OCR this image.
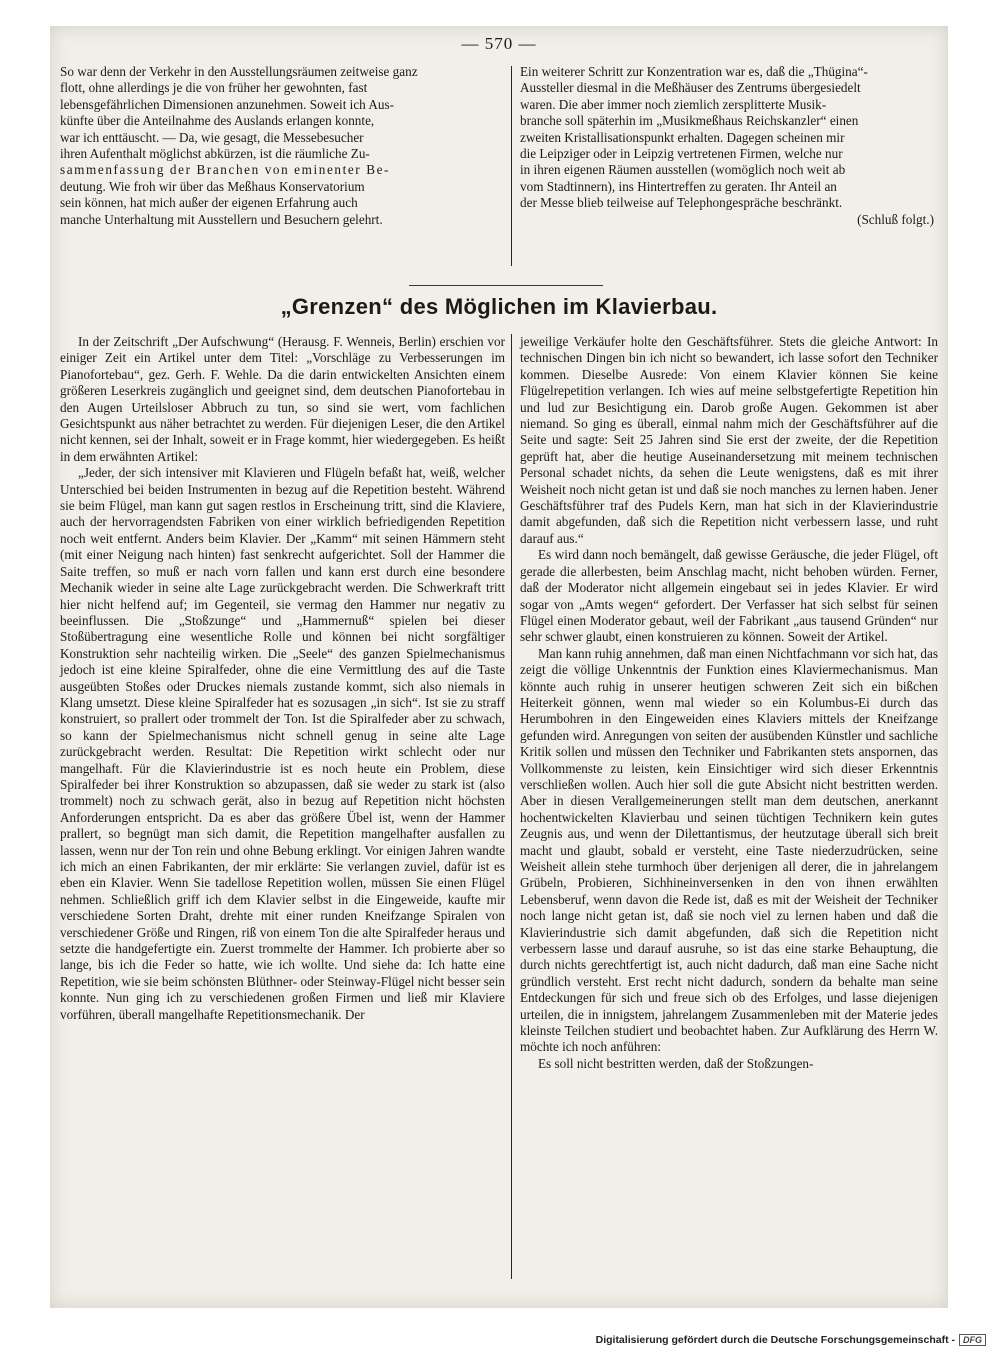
— 570 —

So war denn der Verkehr in den Ausstellungsräumen zeitweise ganz

flott, ohne allerdings je die von früher her gewohnten, fast

lebensgefährlichen Dimensionen anzunehmen. Soweit ich Aus-

künfte über die Anteilnahme des Auslands erlangen konnte,

war ich enttäuscht. — Da, wie gesagt, die Messebesucher

ihren Aufenthalt möglichst abkürzen, ist die räumliche Zu-

sammenfassung der Branchen von eminenter Be-

deutung. Wie froh wir über das Meßhaus Konservatorium

sein können, hat mich außer der eigenen Erfahrung auch

manche Unterhaltung mit Ausstellern und Besuchern gelehrt.

Ein weiterer Schritt zur Konzentration war es, daß die „Thügina“-

Aussteller diesmal in die Meßhäuser des Zentrums übergesiedelt

waren. Die aber immer noch ziemlich zersplitterte Musik-

branche soll späterhin im „Musikmeßhaus Reichskanzler“ einen

zweiten Kristallisationspunkt erhalten. Dagegen scheinen mir

die Leipziger oder in Leipzig vertretenen Firmen, welche nur

in ihren eigenen Räumen ausstellen (womöglich noch weit ab

vom Stadtinnern), ins Hintertreffen zu geraten. Ihr Anteil an

der Messe blieb teilweise auf Telephongespräche beschränkt.

(Schluß folgt.)

„Grenzen“ des Möglichen im Klavierbau.

In der Zeitschrift „Der Aufschwung“ (Herausg. F. Wenneis, Berlin) erschien vor einiger Zeit ein Artikel unter dem Titel: „Vorschläge zu Verbesserungen im Pianofortebau“, gez. Gerh. F. Wehle. Da die darin entwickelten Ansichten einem größeren Leserkreis zugänglich und geeignet sind, dem deutschen Pianofortebau in den Augen Urteilsloser Abbruch zu tun, so sind sie wert, vom fachlichen Gesichtspunkt aus näher betrachtet zu werden. Für diejenigen Leser, die den Artikel nicht kennen, sei der Inhalt, soweit er in Frage kommt, hier wiedergegeben. Es heißt in dem erwähnten Artikel:

„Jeder, der sich intensiver mit Klavieren und Flügeln befaßt hat, weiß, welcher Unterschied bei beiden Instrumenten in bezug auf die Repetition besteht. Während sie beim Flügel, man kann gut sagen restlos in Erscheinung tritt, sind die Klaviere, auch der hervorragendsten Fabriken von einer wirklich befriedigenden Repetition noch weit entfernt. Anders beim Klavier. Der „Kamm“ mit seinen Hämmern steht (mit einer Neigung nach hinten) fast senkrecht aufgerichtet. Soll der Hammer die Saite treffen, so muß er nach vorn fallen und kann erst durch eine besondere Mechanik wieder in seine alte Lage zurückgebracht werden. Die Schwerkraft tritt hier nicht helfend auf; im Gegenteil, sie vermag den Hammer nur negativ zu beeinflussen. Die „Stoßzunge“ und „Hammernuß“ spielen bei dieser Stoßübertragung eine wesentliche Rolle und können bei nicht sorgfältiger Konstruktion sehr nachteilig wirken. Die „Seele“ des ganzen Spielmechanismus jedoch ist eine kleine Spiralfeder, ohne die eine Vermittlung des auf die Taste ausgeübten Stoßes oder Druckes niemals zustande kommt, sich also niemals in Klang umsetzt. Diese kleine Spiralfeder hat es sozusagen „in sich“. Ist sie zu straff konstruiert, so prallert oder trommelt der Ton. Ist die Spiralfeder aber zu schwach, so kann der Spielmechanismus nicht schnell genug in seine alte Lage zurückgebracht werden. Resultat: Die Repetition wirkt schlecht oder nur mangelhaft. Für die Klavierindustrie ist es noch heute ein Problem, diese Spiralfeder bei ihrer Konstruktion so abzupassen, daß sie weder zu stark ist (also trommelt) noch zu schwach gerät, also in bezug auf Repetition nicht höchsten Anforderungen entspricht. Da es aber das größere Übel ist, wenn der Hammer prallert, so begnügt man sich damit, die Repetition mangelhafter ausfallen zu lassen, wenn nur der Ton rein und ohne Bebung erklingt. Vor einigen Jahren wandte ich mich an einen Fabrikanten, der mir erklärte: Sie verlangen zuviel, dafür ist es eben ein Klavier. Wenn Sie tadellose Repetition wollen, müssen Sie einen Flügel nehmen. Schließlich griff ich dem Klavier selbst in die Eingeweide, kaufte mir verschiedene Sorten Draht, drehte mit einer runden Kneifzange Spiralen von verschiedener Größe und Ringen, riß von einem Ton die alte Spiralfeder heraus und setzte die handgefertigte ein. Zuerst trommelte der Hammer. Ich probierte aber so lange, bis ich die Feder so hatte, wie ich wollte. Und siehe da: Ich hatte eine Repetition, wie sie beim schönsten Blüthner- oder Steinway-Flügel nicht besser sein konnte. Nun ging ich zu verschiedenen großen Firmen und ließ mir Klaviere vorführen, überall mangelhafte Repetitionsmechanik. Der

jeweilige Verkäufer holte den Geschäftsführer. Stets die gleiche Antwort: In technischen Dingen bin ich nicht so bewandert, ich lasse sofort den Techniker kommen. Dieselbe Ausrede: Von einem Klavier können Sie keine Flügelrepetition verlangen. Ich wies auf meine selbstgefertigte Repetition hin und lud zur Besichtigung ein. Darob große Augen. Gekommen ist aber niemand. So ging es überall, einmal nahm mich der Geschäftsführer auf die Seite und sagte: Seit 25 Jahren sind Sie erst der zweite, der die Repetition geprüft hat, aber die heutige Auseinandersetzung mit meinem technischen Personal schadet nichts, da sehen die Leute wenigstens, daß es mit ihrer Weisheit noch nicht getan ist und daß sie noch manches zu lernen haben. Jener Geschäftsführer traf des Pudels Kern, man hat sich in der Klavierindustrie damit abgefunden, daß sich die Repetition nicht verbessern lasse, und ruht darauf aus.“

Es wird dann noch bemängelt, daß gewisse Geräusche, die jeder Flügel, oft gerade die allerbesten, beim Anschlag macht, nicht behoben würden. Ferner, daß der Moderator nicht allgemein eingebaut sei in jedes Klavier. Er wird sogar von „Amts wegen“ gefordert. Der Verfasser hat sich selbst für seinen Flügel einen Moderator gebaut, weil der Fabrikant „aus tausend Gründen“ nur sehr schwer glaubt, einen konstruieren zu können. Soweit der Artikel.

Man kann ruhig annehmen, daß man einen Nichtfachmann vor sich hat, das zeigt die völlige Unkenntnis der Funktion eines Klaviermechanismus. Man könnte auch ruhig in unserer heutigen schweren Zeit sich ein bißchen Heiterkeit gönnen, wenn mal wieder so ein Kolumbus-Ei durch das Herumbohren in den Eingeweiden eines Klaviers mittels der Kneifzange gefunden wird. Anregungen von seiten der ausübenden Künstler und sachliche Kritik sollen und müssen den Techniker und Fabrikanten stets anspornen, das Vollkommenste zu leisten, kein Einsichtiger wird sich dieser Erkenntnis verschließen wollen. Auch hier soll die gute Absicht nicht bestritten werden. Aber in diesen Verallgemeinerungen stellt man dem deutschen, anerkannt hochentwickelten Klavierbau und seinen tüchtigen Technikern kein gutes Zeugnis aus, und wenn der Dilettantismus, der heutzutage überall sich breit macht und glaubt, sobald er versteht, eine Taste niederzudrücken, seine Weisheit allein stehe turmhoch über derjenigen all derer, die in jahrelangem Grübeln, Probieren, Sichhineinversenken in den von ihnen erwählten Lebensberuf, wenn davon die Rede ist, daß es mit der Weisheit der Techniker noch lange nicht getan ist, daß sie noch viel zu lernen haben und daß die Klavierindustrie sich damit abgefunden, daß sich die Repetition nicht verbessern lasse und darauf ausruhe, so ist das eine starke Behauptung, die durch nichts gerechtfertigt ist, auch nicht dadurch, daß man eine Sache nicht gründlich versteht. Erst recht nicht dadurch, sondern da behalte man seine Entdeckungen für sich und freue sich ob des Erfolges, und lasse diejenigen urteilen, die in innigstem, jahrelangem Zusammenleben mit der Materie jedes kleinste Teilchen studiert und beobachtet haben. Zur Aufklärung des Herrn W. möchte ich noch anführen:

Es soll nicht bestritten werden, daß der Stoßzungen-

Digitalisierung gefördert durch die Deutsche Forschungsgemeinschaft - DFG
